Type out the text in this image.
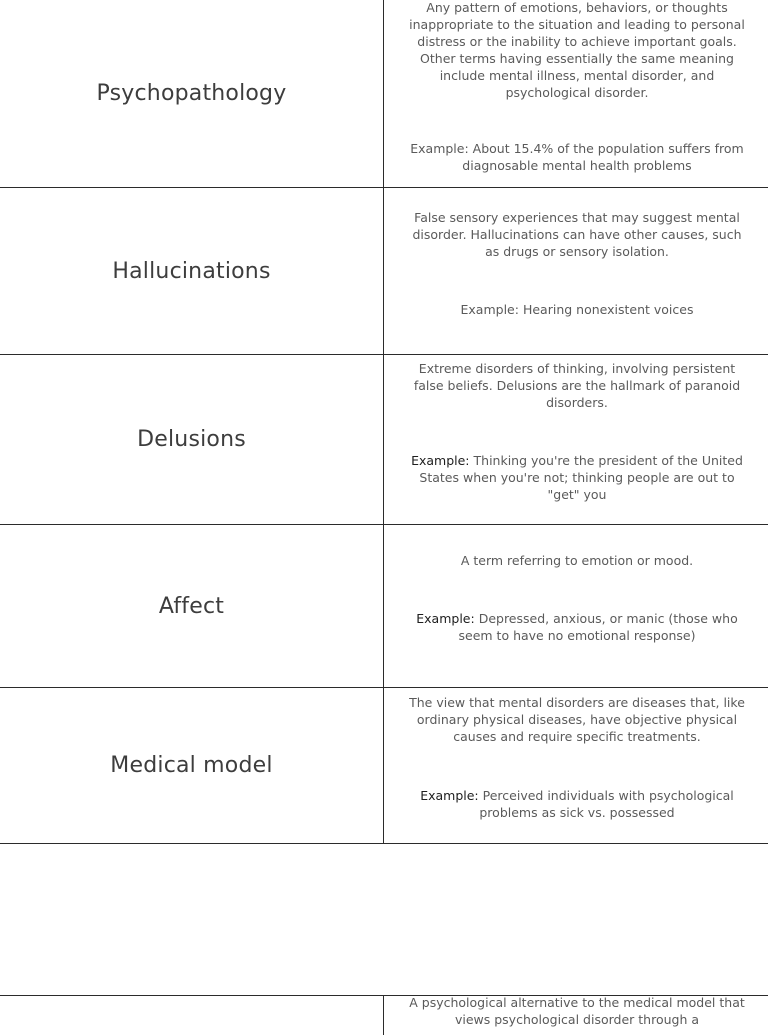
Psychopathology
Any pattern of emotions, behaviors, or thoughts inappropriate to the situation and leading to personal distress or the inability to achieve important goals. Other terms having essentially the same meaning include mental illness, mental disorder, and psychological disorder.
Example: About 15.4% of the population suffers from diagnosable mental health problems
Hallucinations
False sensory experiences that may suggest mental disorder. Hallucinations can have other causes, such as drugs or sensory isolation.
Example: Hearing nonexistent voices
Delusions
Extreme disorders of thinking, involving persistent false beliefs. Delusions are the hallmark of paranoid disorders.
Example: Thinking you're the president of the United States when you're not; thinking people are out to "get" you
Affect
A term referring to emotion or mood.
Example: Depressed, anxious, or manic (those who seem to have no emotional response)
Medical model
The view that mental disorders are diseases that, like ordinary physical diseases, have objective physical causes and require specific treatments.
Example: Perceived individuals with psychological problems as sick vs. possessed
A psychological alternative to the medical model that views psychological disorder through a
